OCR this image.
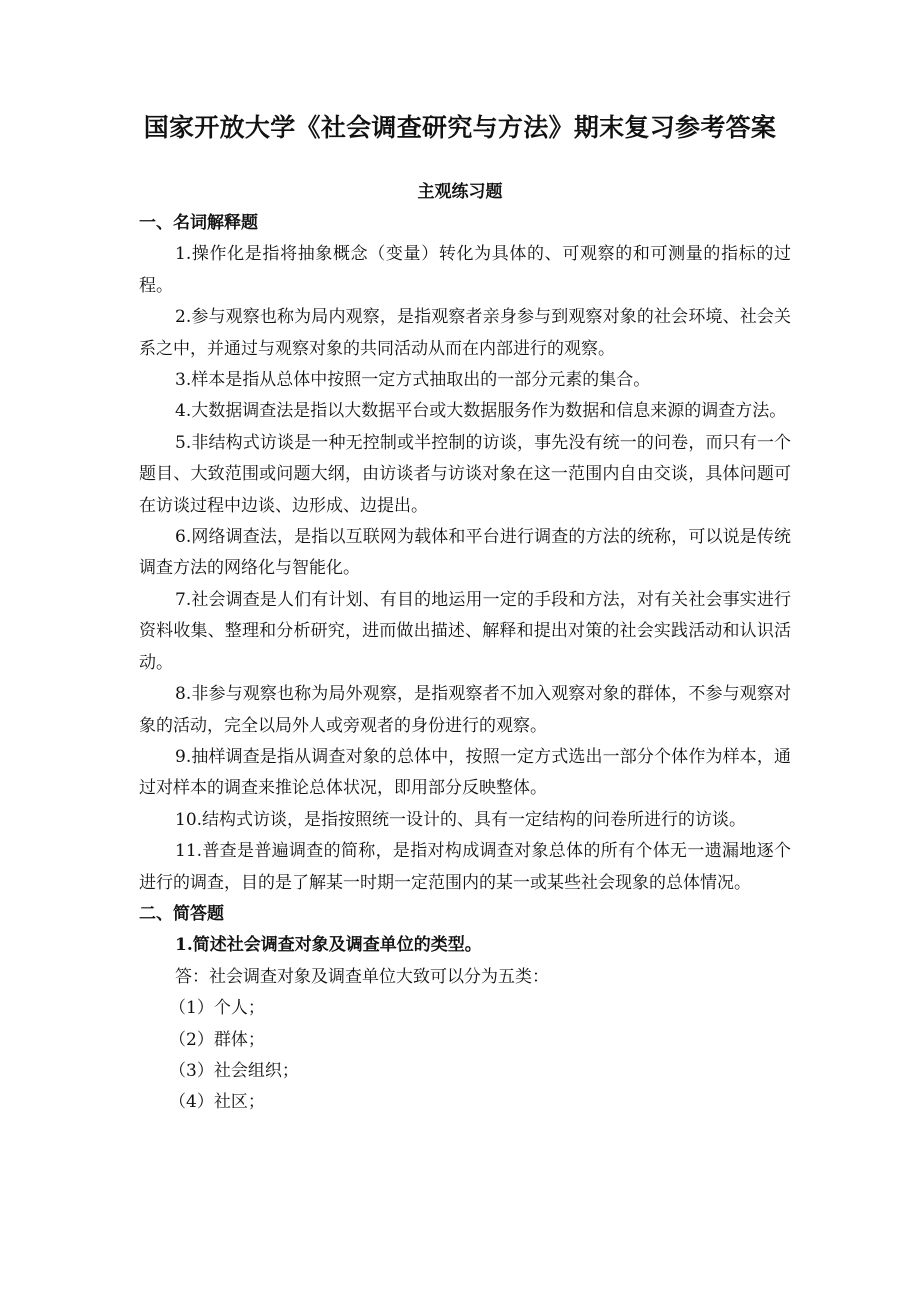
国家开放大学《社会调查研究与方法》期末复习参考答案
主观练习题

一、名词解释题

1.操作化是指将抽象概念（变量）转化为具体的、可观察的和可测量的指标的过程。

2.参与观察也称为局内观察，是指观察者亲身参与到观察对象的社会环境、社会关系之中，并通过与观察对象的共同活动从而在内部进行的观察。

3.样本是指从总体中按照一定方式抽取出的一部分元素的集合。

4.大数据调查法是指以大数据平台或大数据服务作为数据和信息来源的调查方法。

5.非结构式访谈是一种无控制或半控制的访谈，事先没有统一的问卷，而只有一个题目、大致范围或问题大纲，由访谈者与访谈对象在这一范围内自由交谈，具体问题可在访谈过程中边谈、边形成、边提出。

6.网络调查法，是指以互联网为载体和平台进行调查的方法的统称，可以说是传统调查方法的网络化与智能化。

7.社会调查是人们有计划、有目的地运用一定的手段和方法，对有关社会事实进行资料收集、整理和分析研究，进而做出描述、解释和提出对策的社会实践活动和认识活动。

8.非参与观察也称为局外观察，是指观察者不加入观察对象的群体，不参与观察对象的活动，完全以局外人或旁观者的身份进行的观察。

9.抽样调查是指从调查对象的总体中，按照一定方式选出一部分个体作为样本，通过对样本的调查来推论总体状况，即用部分反映整体。

10.结构式访谈，是指按照统一设计的、具有一定结构的问卷所进行的访谈。

11.普查是普遍调查的简称，是指对构成调查对象总体的所有个体无一遗漏地逐个进行的调查，目的是了解某一时期一定范围内的某一或某些社会现象的总体情况。

二、简答题

1.简述社会调查对象及调查单位的类型。

答：社会调查对象及调查单位大致可以分为五类：

（1）个人；

（2）群体；

（3）社会组织；

（4）社区；
